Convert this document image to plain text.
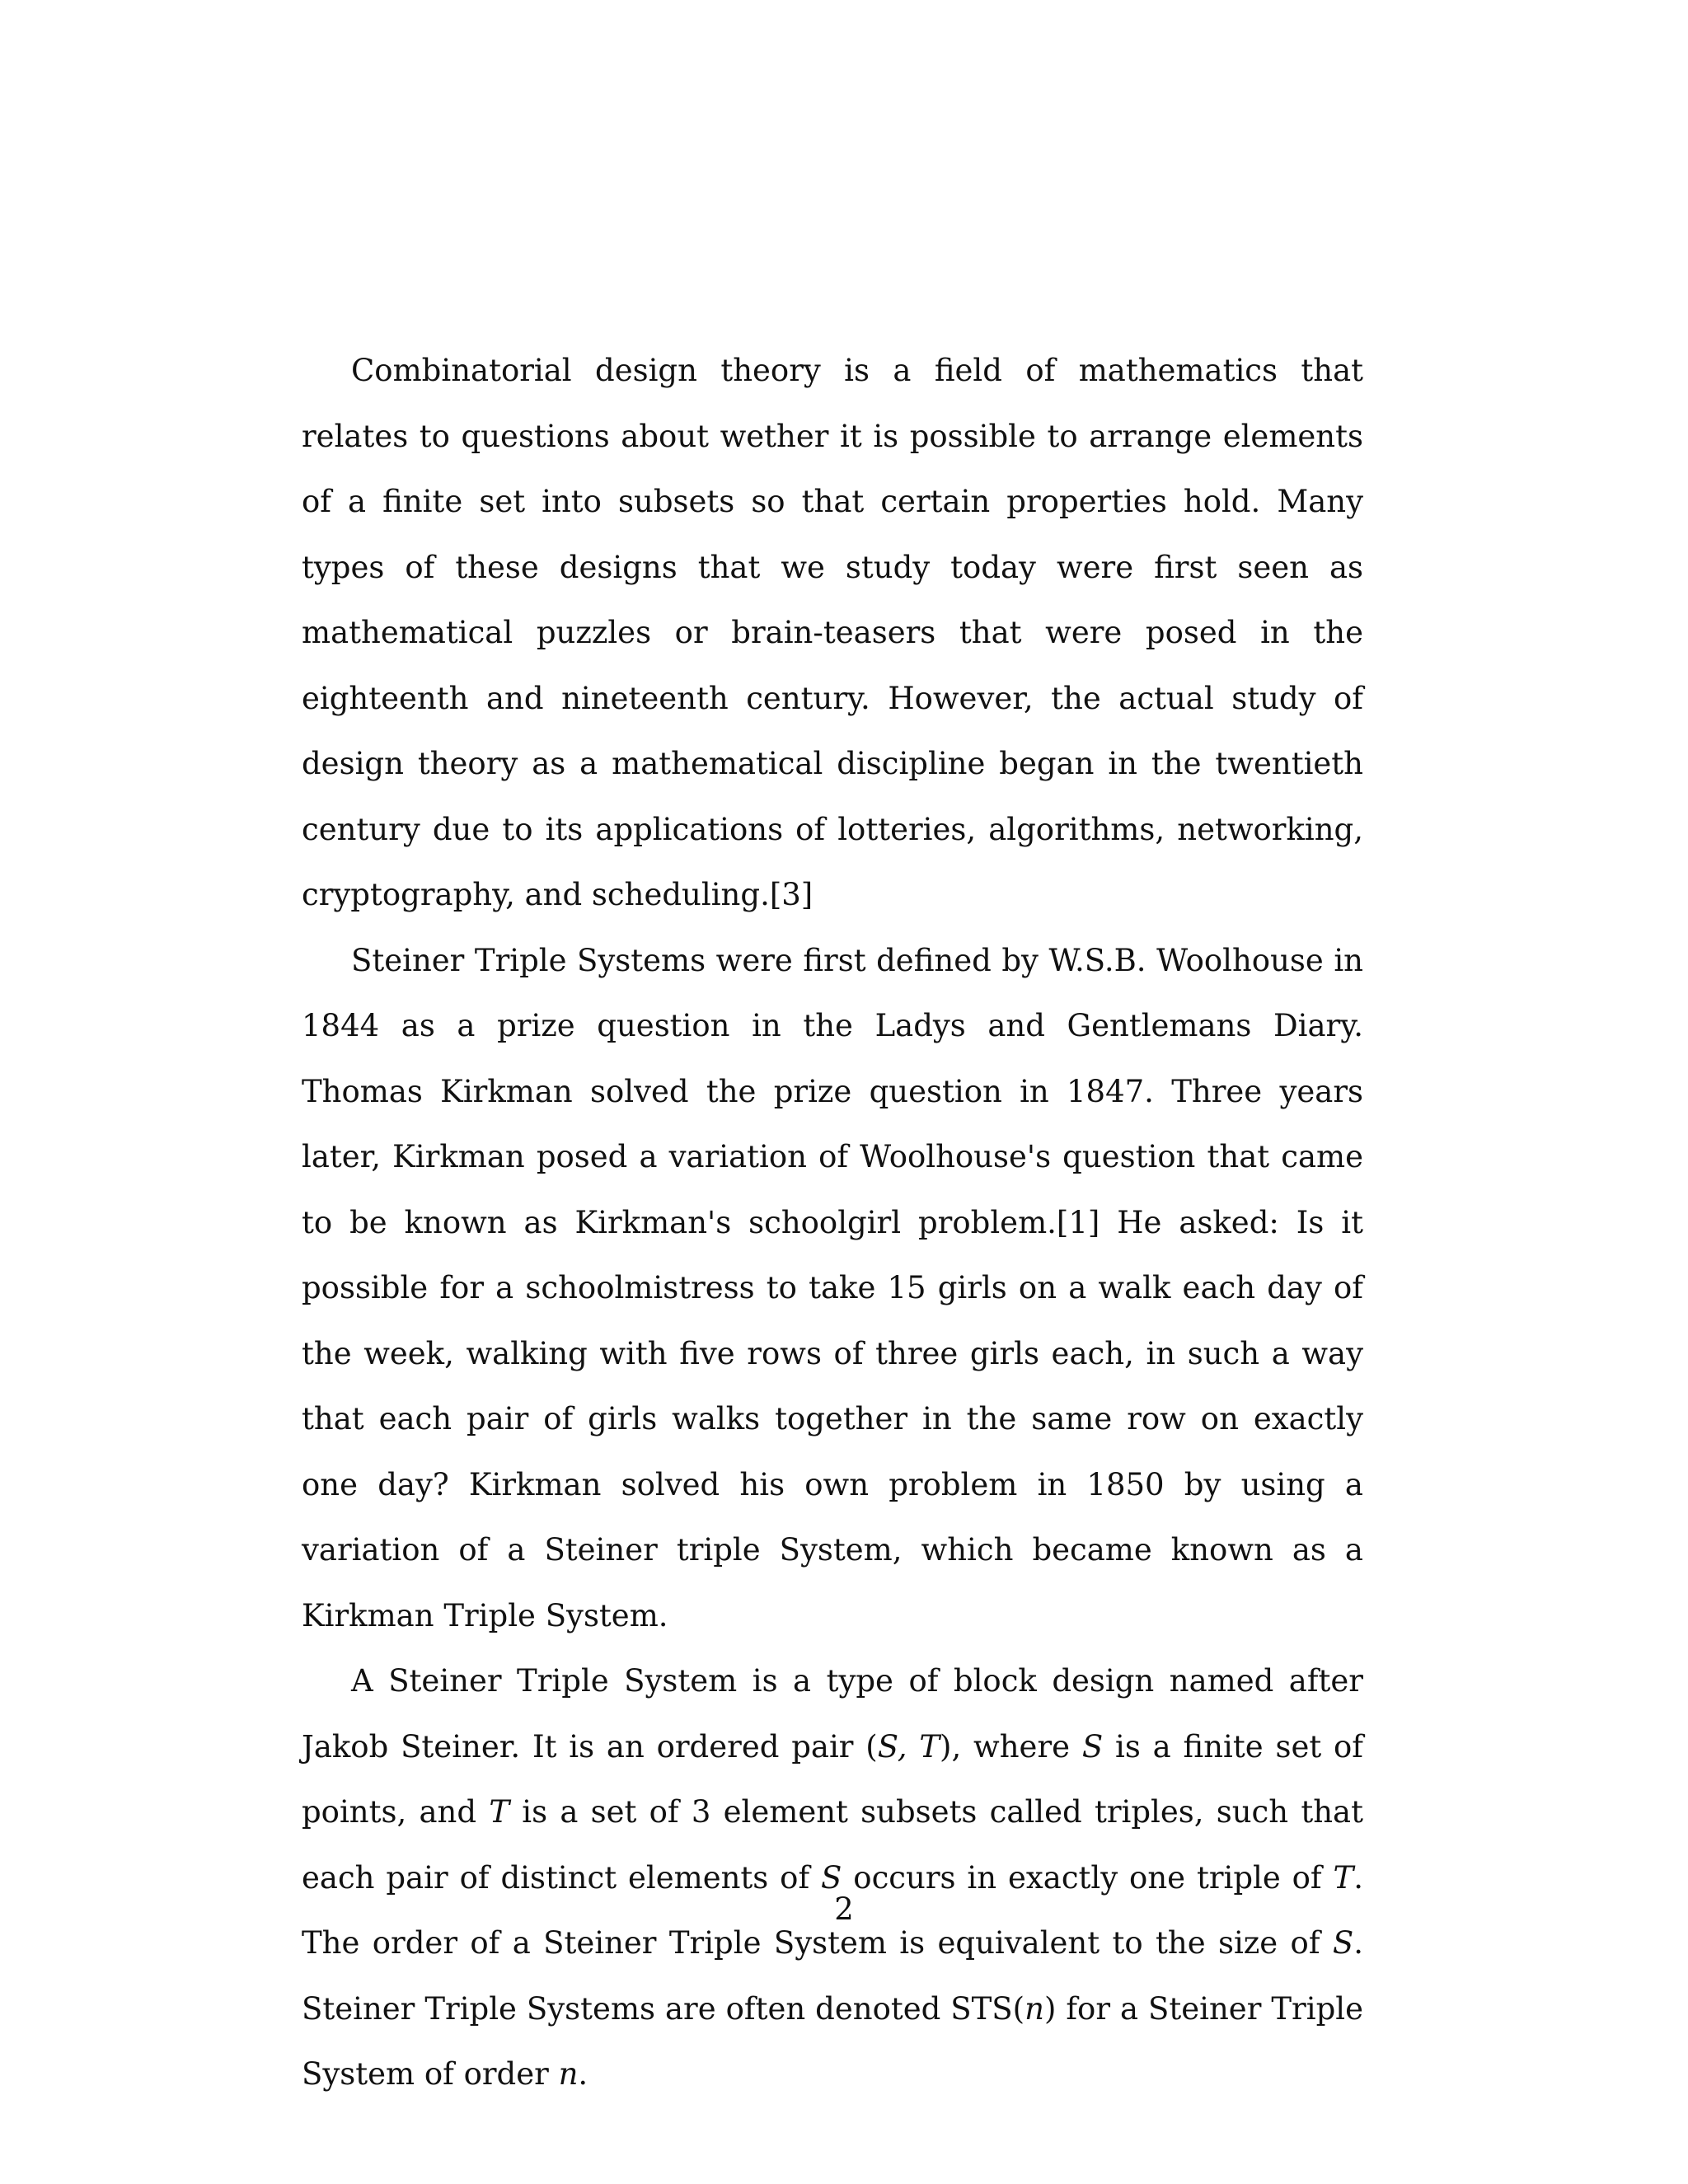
Combinatorial design theory is a field of mathematics that relates to questions about wether it is possible to arrange elements of a finite set into subsets so that certain properties hold. Many types of these designs that we study today were first seen as mathematical puzzles or brain-teasers that were posed in the eighteenth and nineteenth century. However, the actual study of design theory as a mathematical discipline began in the twentieth century due to its applications of lotteries, algorithms, networking, cryptography, and scheduling.[3]

Steiner Triple Systems were first defined by W.S.B. Woolhouse in 1844 as a prize question in the Ladys and Gentlemans Diary. Thomas Kirkman solved the prize question in 1847. Three years later, Kirkman posed a variation of Woolhouse's question that came to be known as Kirkman's schoolgirl problem.[1] He asked: Is it possible for a schoolmistress to take 15 girls on a walk each day of the week, walking with five rows of three girls each, in such a way that each pair of girls walks together in the same row on exactly one day? Kirkman solved his own problem in 1850 by using a variation of a Steiner triple System, which became known as a Kirkman Triple System.

A Steiner Triple System is a type of block design named after Jakob Steiner. It is an ordered pair (S, T), where S is a finite set of points, and T is a set of 3 element subsets called triples, such that each pair of distinct elements of S occurs in exactly one triple of T. The order of a Steiner Triple System is equivalent to the size of S. Steiner Triple Systems are often denoted STS(n) for a Steiner Triple System of order n.

2
